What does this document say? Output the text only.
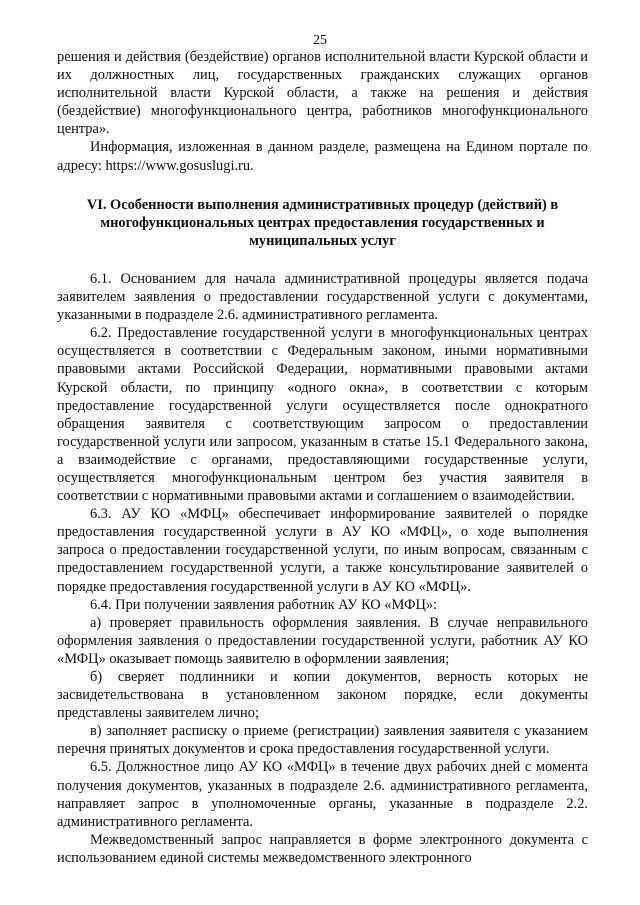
25

решения и действия (бездействие) органов исполнительной власти Курской области и их должностных лиц, государственных гражданских служащих органов исполнительной власти Курской области, а также на решения и действия (бездействие) многофункционального центра, работников многофункционального центра».

Информация, изложенная в данном разделе, размещена на Едином портале по адресу: https://www.gosuslugi.ru.

VI. Особенности выполнения административных процедур (действий) в многофункциональных центрах предоставления государственных и муниципальных услуг

6.1. Основанием для начала административной процедуры является подача заявителем заявления о предоставлении государственной услуги с документами, указанными в подразделе 2.6. административного регламента.

6.2. Предоставление государственной услуги в многофункциональных центрах осуществляется в соответствии с Федеральным законом, иными нормативными правовыми актами Российской Федерации, нормативными правовыми актами Курской области, по принципу «одного окна», в соответствии с которым предоставление государственной услуги осуществляется после однократного обращения заявителя с соответствующим запросом о предоставлении государственной услуги или запросом, указанным в статье 15.1 Федерального закона, а взаимодействие с органами, предоставляющими государственные услуги, осуществляется многофункциональным центром без участия заявителя в соответствии с нормативными правовыми актами и соглашением о взаимодействии.

6.3. АУ КО «МФЦ» обеспечивает информирование заявителей о порядке предоставления государственной услуги в АУ КО «МФЦ», о ходе выполнения запроса о предоставлении государственной услуги, по иным вопросам, связанным с предоставлением государственной услуги, а также консультирование заявителей о порядке предоставления государственной услуги в АУ КО «МФЦ».

6.4. При получении заявления работник АУ КО «МФЦ»:

а) проверяет правильность оформления заявления. В случае неправильного оформления заявления о предоставлении государственной услуги, работник АУ КО «МФЦ» оказывает помощь заявителю в оформлении заявления;

б) сверяет подлинники и копии документов, верность которых не засвидетельствована в установленном законом порядке, если документы представлены заявителем лично;

в) заполняет расписку о приеме (регистрации) заявления заявителя с указанием перечня принятых документов и срока предоставления государственной услуги.

6.5. Должностное лицо АУ КО «МФЦ» в течение двух рабочих дней с момента получения документов, указанных в подразделе 2.6. административного регламента, направляет запрос в уполномоченные органы, указанные в подразделе 2.2. административного регламента.

Межведомственный запрос направляется в форме электронного документа с использованием единой системы межведомственного электронного
